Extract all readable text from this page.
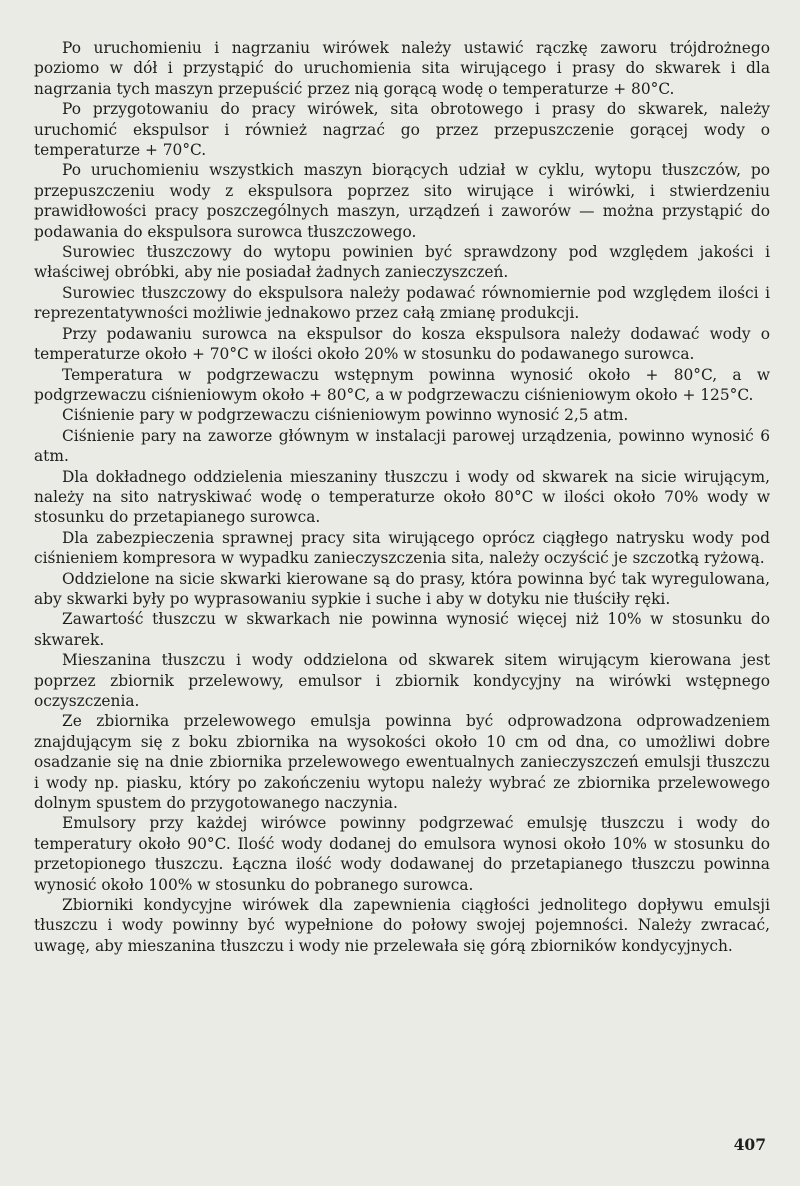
Po uruchomieniu i nagrzaniu wirówek należy ustawić rączkę zaworu trójdrożnego poziomo w dół i przystąpić do uruchomienia sita wirującego i prasy do skwarek i dla nagrzania tych maszyn przepuścić przez nią gorącą wodę o temperaturze + 80°C.

Po przygotowaniu do pracy wirówek, sita obrotowego i prasy do skwarek, należy uruchomić ekspulsor i również nagrzać go przez przepuszczenie gorącej wody o temperaturze + 70°C.

Po uruchomieniu wszystkich maszyn biorących udział w cyklu, wytopu tłuszczów, po przepuszczeniu wody z ekspulsora poprzez sito wirujące i wirówki, i stwierdzeniu prawidłowości pracy poszczególnych maszyn, urządzeń i zaworów — można przystąpić do podawania do ekspulsora surowca tłuszczowego.

Surowiec tłuszczowy do wytopu powinien być sprawdzony pod względem jakości i właściwej obróbki, aby nie posiadał żadnych zanieczyszczeń.

Surowiec tłuszczowy do ekspulsora należy podawać równomiernie pod względem ilości i reprezentatywności możliwie jednakowo przez całą zmianę produkcji.

Przy podawaniu surowca na ekspulsor do kosza ekspulsora należy dodawać wody o temperaturze około + 70°C w ilości około 20% w stosunku do podawanego surowca.

Temperatura w podgrzewaczu wstępnym powinna wynosić około + 80°C, a w podgrzewaczu ciśnieniowym około + 80°C, a w podgrzewaczu ciśnieniowym około + 125°C.

Ciśnienie pary w podgrzewaczu ciśnieniowym powinno wynosić 2,5 atm.

Ciśnienie pary na zaworze głównym w instalacji parowej urządzenia, powinno wynosić 6 atm.

Dla dokładnego oddzielenia mieszaniny tłuszczu i wody od skwarek na sicie wirującym, należy na sito natryskiwać wodę o temperaturze około 80°C w ilości około 70% wody w stosunku do przetapianego surowca.

Dla zabezpieczenia sprawnej pracy sita wirującego oprócz ciągłego natrysku wody pod ciśnieniem kompresora w wypadku zanieczyszczenia sita, należy oczyścić je szczotką ryżową.

Oddzielone na sicie skwarki kierowane są do prasy, która powinna być tak wyregulowana, aby skwarki były po wyprasowaniu sypkie i suche i aby w dotyku nie tłuściły ręki.

Zawartość tłuszczu w skwarkach nie powinna wynosić więcej niż 10% w stosunku do skwarek.

Mieszanina tłuszczu i wody oddzielona od skwarek sitem wirującym kierowana jest poprzez zbiornik przelewowy, emulsor i zbiornik kondycyjny na wirówki wstępnego oczyszczenia.

Ze zbiornika przelewowego emulsja powinna być odprowadzona odprowadzeniem znajdującym się z boku zbiornika na wysokości około 10 cm od dna, co umożliwi dobre osadzanie się na dnie zbiornika przelewowego ewentualnych zanieczyszczeń emulsji tłuszczu i wody np. piasku, który po zakończeniu wytopu należy wybrać ze zbiornika przelewowego dolnym spustem do przygotowanego naczynia.

Emulsory przy każdej wirówce powinny podgrzewać emulsję tłuszczu i wody do temperatury około 90°C. Ilość wody dodanej do emulsora wynosi około 10% w stosunku do przetopionego tłuszczu. Łączna ilość wody dodawanej do przetapianego tłuszczu powinna wynosić około 100% w stosunku do pobranego surowca.

Zbiorniki kondycyjne wirówek dla zapewnienia ciągłości jednolitego dopływu emulsji tłuszczu i wody powinny być wypełnione do połowy swojej pojemności. Należy zwracać, uwagę, aby mieszanina tłuszczu i wody nie przelewała się górą zbiorników kondycyjnych.

407
